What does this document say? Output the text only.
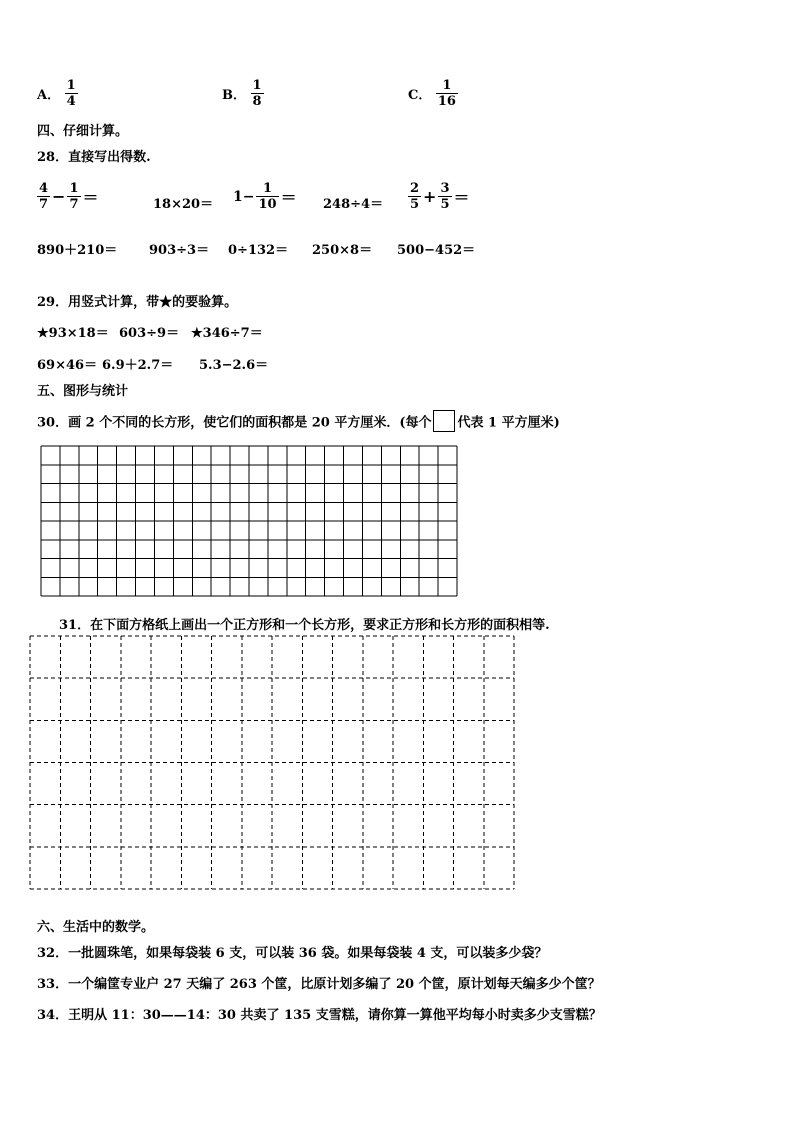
A． $\frac{1}{4}$	B． $\frac{1}{8}$	C． $\frac{1}{16}$
四、仔细计算。
28．直接写出得数.
$\frac{4}{7} - \frac{1}{7}$ ＝	$18\times 20= 1- \frac{1}{10} = 248\div 4= \frac{2}{5} + \frac{3}{5}$ ＝
890＋210＝ 903÷3＝ 0÷132＝ 250×8＝ 500−452＝
29．用竖式计算，带★的要验算。
★93×18＝ 603÷9＝ ★346÷7＝
69×46＝ 6.9＋2.7＝ 5.3−2.6＝
五、图形与统计
30．画 2 个不同的长方形，使它们的面积都是 20 平方厘米．(每个 代表 1 平方厘米)
31．在下面方格纸上画出一个正方形和一个长方形，要求正方形和长方形的面积相等.
六、生活中的数学。
32．一批圆珠笔，如果每袋装 6 支，可以装 36 袋。如果每袋装 4 支，可以装多少袋？
33．一个编筐专业户 27 天编了 263 个筐，比原计划多编了 20 个筐，原计划每天编多少个筐？
34．王明从 11：30——14：30 共卖了 135 支雪糕，请你算一算他平均每小时卖多少支雪糕？
